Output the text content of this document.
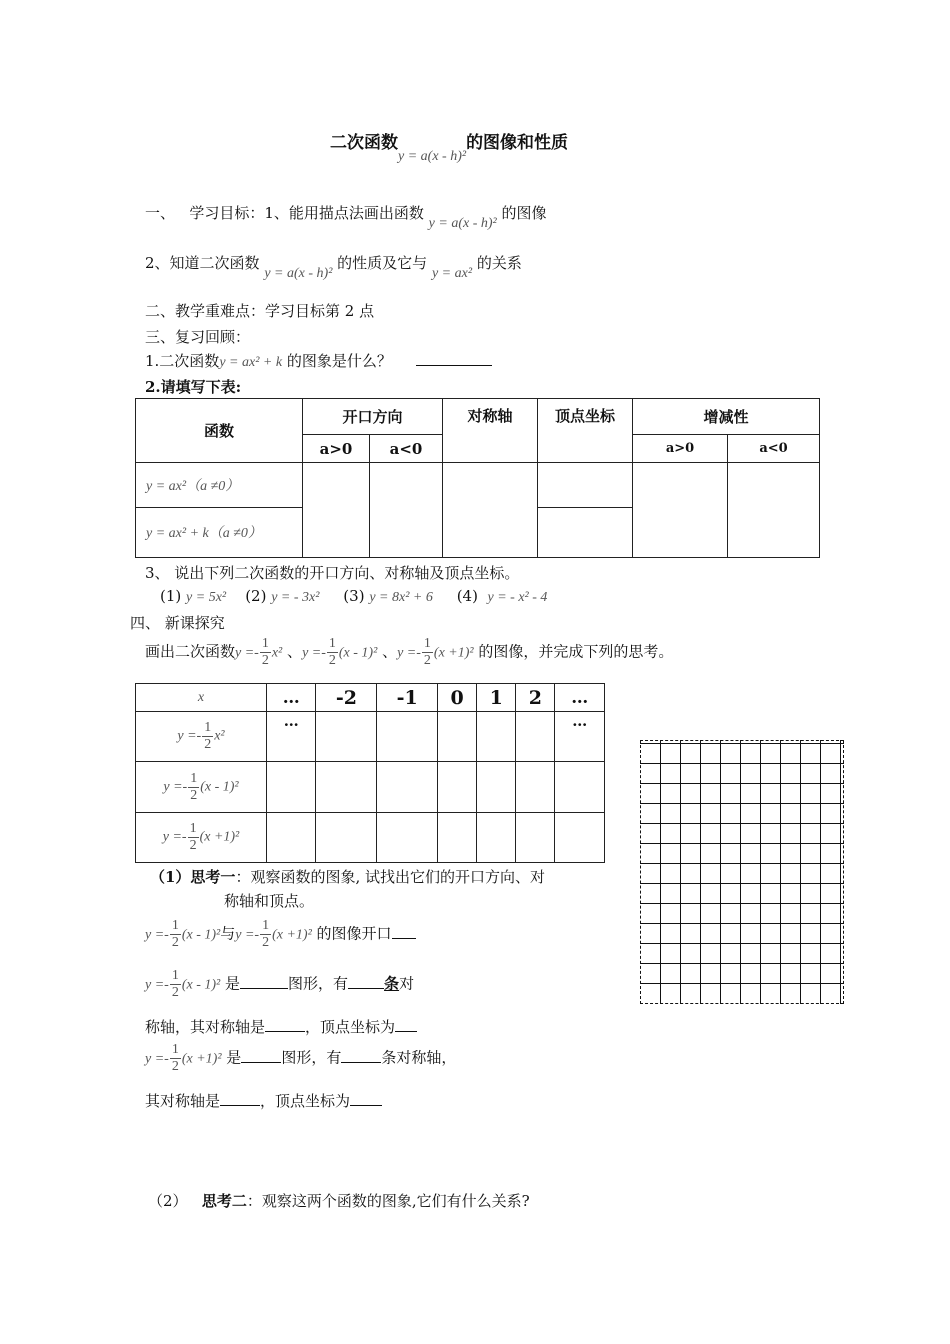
二次函数$_{y = a(x - h)^2}$的图像和性质
一、 学习目标：1、能用描点法画出函数 y = a(x - h)² 的图像
2、知道二次函数 y = a(x - h)² 的性质及它与 y = ax² 的关系
二、教学重难点：学习目标第 2 点
三、复习回顾：
1.二次函数y = ax² + k 的图象是什么？
2.请填写下表:
函数	开口方向		对称轴	顶点坐标	增减性	
	a>0	a<0			a>0	a<0
y = ax²（a ≠0）						
y = ax² + k（a ≠0）						
3、 说出下列二次函数的开口方向、对称轴及顶点坐标。
(1) y = 5x² (2) y = - 3x² (3) y = 8x² + 6 (4) y = - x² - 4
四、 新课探究
画出二次函数$y =- \frac{1}{2} x^2$ 、$y =- \frac{1}{2} (x - 1)^2$ 、$y =- \frac{1}{2} (x +1)^2$ 的图像，并完成下列的思考。
x	…	-2	-1	0	1	2	…
$y =- \frac{1}{2} x^2$	…						…
$y =- \frac{1}{2} (x - 1)^2$							
$y =- \frac{1}{2} (x +1)^2$							
（1）思考一：观察函数的图象, 试找出它们的开口方向、对
称轴和顶点。
$y =- \frac{1}{2} (x - 1)^2$与$y =- \frac{1}{2} (x +1)^2$ 的图像开口
$y =- \frac{1}{2} (x - 1)^2$ 是	图形，有 条对
称轴，其对称轴是	，顶点坐标为
$y =- \frac{1}{2} (x +1)^2$ 是	图形，有	条对称轴，
其对称轴是	，顶点坐标为
（2） 思考二：观察这两个函数的图象,它们有什么关系?
